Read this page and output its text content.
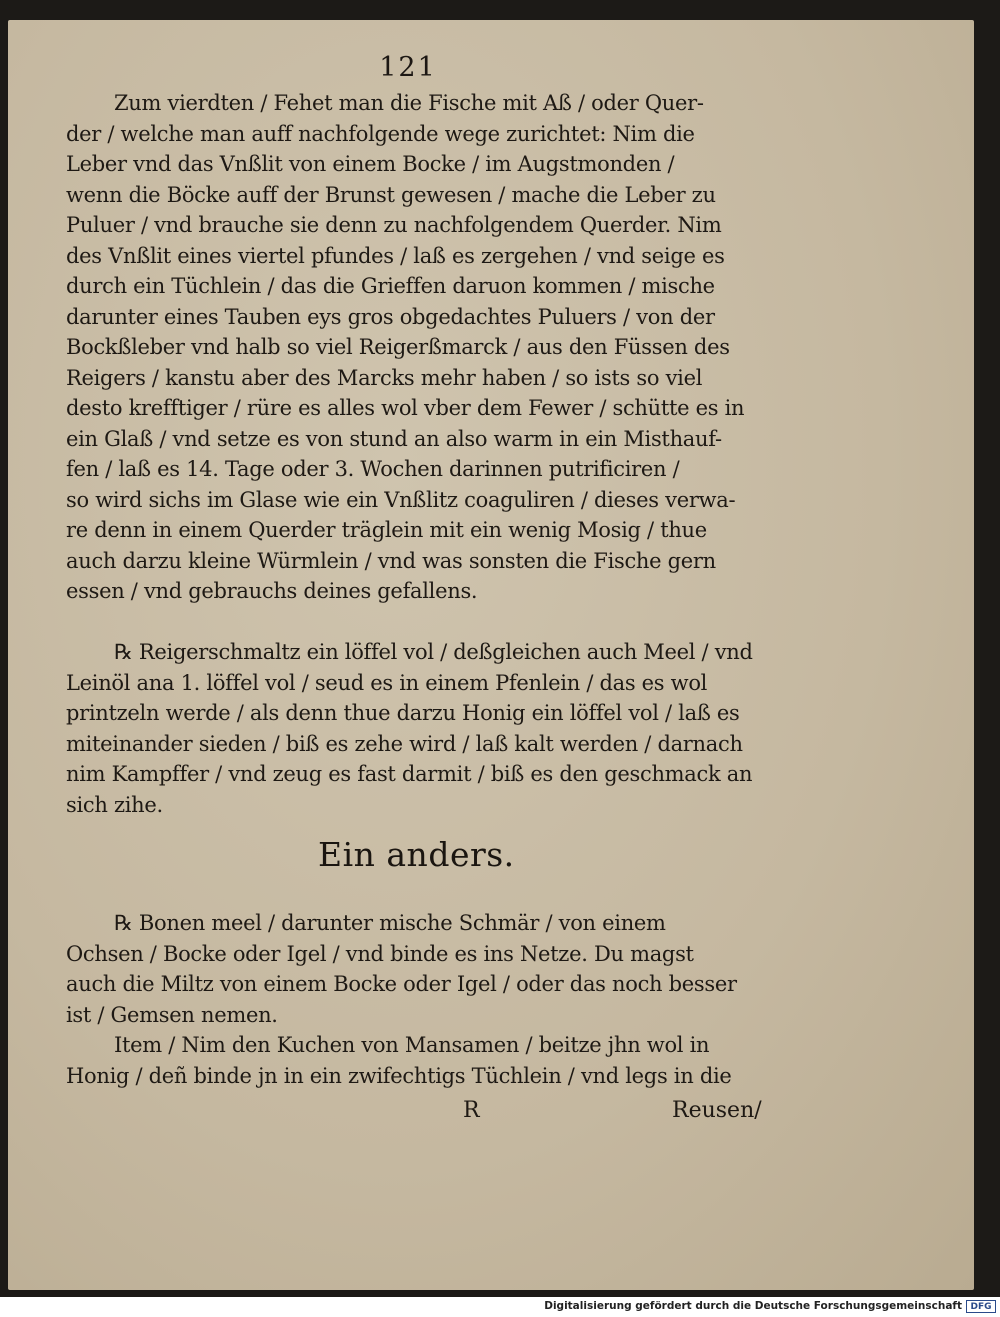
121
Zum vierdten / Fehet man die Fische mit Aß / oder Quer-
der / welche man auff nachfolgende wege zurichtet: Nim die
Leber vnd das Vnßlit von einem Bocke / im Augstmonden /
wenn die Böcke auff der Brunst gewesen / mache die Leber zu
Puluer / vnd brauche sie denn zu nachfolgendem Querder. Nim
des Vnßlit eines viertel pfundes / laß es zergehen / vnd seige es
durch ein Tüchlein / das die Grieffen daruon kommen / mische
darunter eines Tauben eys gros obgedachtes Puluers / von der
Bockßleber vnd halb so viel Reigerßmarck / aus den Füssen des
Reigers / kanstu aber des Marcks mehr haben / so ists so viel
desto krefftiger / rüre es alles wol vber dem Fewer / schütte es in
ein Glaß / vnd setze es von stund an also warm in ein Misthauf-
fen / laß es 14. Tage oder 3. Wochen darinnen putrificiren /
so wird sichs im Glase wie ein Vnßlitz coaguliren / dieses verwa-
re denn in einem Querder träglein mit ein wenig Mosig / thue
auch darzu kleine Würmlein / vnd was sonsten die Fische gern
essen / vnd gebrauchs deines gefallens.
℞ Reigerschmaltz ein löffel vol / deßgleichen auch Meel / vnd
Leinöl ana 1. löffel vol / seud es in einem Pfenlein / das es wol
printzeln werde / als denn thue darzu Honig ein löffel vol / laß es
miteinander sieden / biß es zehe wird / laß kalt werden / darnach
nim Kampffer / vnd zeug es fast darmit / biß es den geschmack an
sich zihe.
Ein anders.
℞ Bonen meel / darunter mische Schmär / von einem
Ochsen / Bocke oder Igel / vnd binde es ins Netze. Du magst
auch die Miltz von einem Bocke oder Igel / oder das noch besser
ist / Gemsen nemen.
Item / Nim den Kuchen von Mansamen / beitze jhn wol in
Honig / deñ binde jn in ein zwifechtigs Tüchlein / vnd legs in die
R	Reusen/
Digitalisierung gefördert durch die Deutsche Forschungsgemeinschaft DFG
